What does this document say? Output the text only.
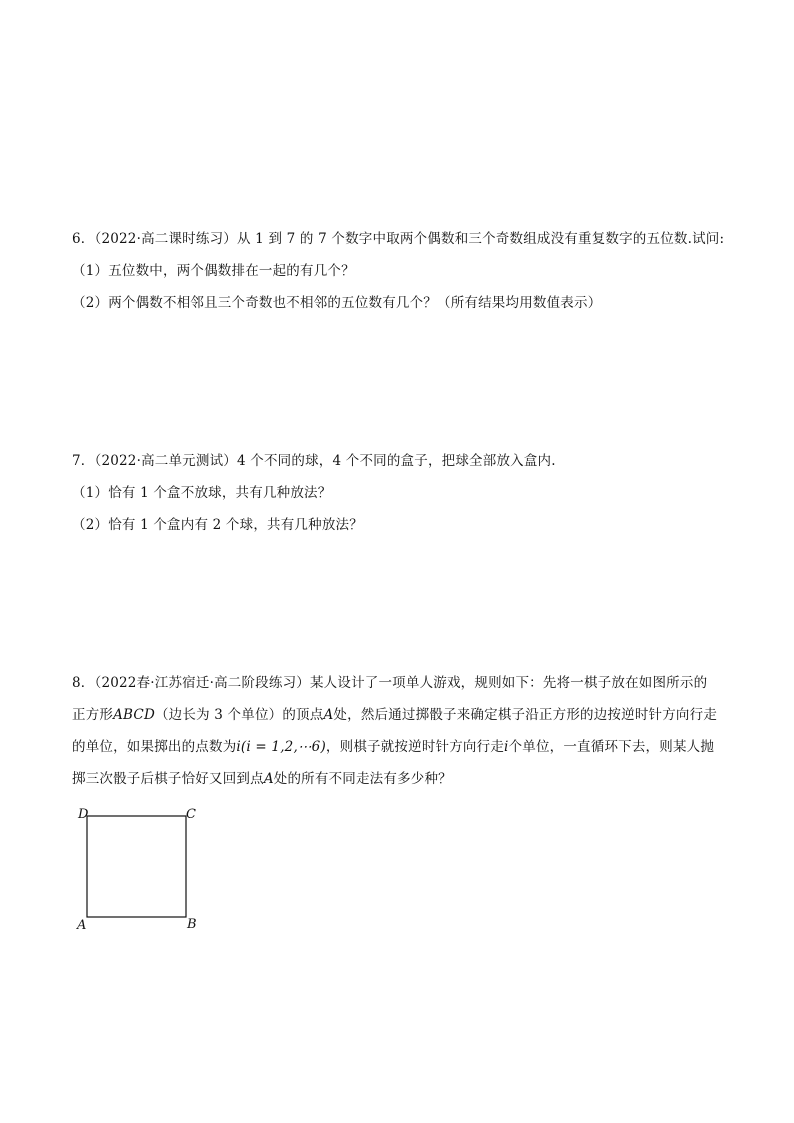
6．（2022·高二课时练习）从 1 到 7 的 7 个数字中取两个偶数和三个奇数组成没有重复数字的五位数.试问:
（1）五位数中，两个偶数排在一起的有几个？
（2）两个偶数不相邻且三个奇数也不相邻的五位数有几个？（所有结果均用数值表示）
7．（2022·高二单元测试）4 个不同的球，4 个不同的盒子，把球全部放入盒内.
（1）恰有 1 个盒不放球，共有几种放法？
（2）恰有 1 个盒内有 2 个球，共有几种放法？
8．（2022春·江苏宿迁·高二阶段练习）某人设计了一项单人游戏，规则如下：先将一棋子放在如图所示的
正方形ABCD（边长为 3 个单位）的顶点A处，然后通过掷骰子来确定棋子沿正方形的边按逆时针方向行走
的单位，如果掷出的点数为i(i = 1,2,⋯6)，则棋子就按逆时针方向行走i个单位，一直循环下去，则某人抛
掷三次骰子后棋子恰好又回到点A处的所有不同走法有多少种？
D	C
A	B
